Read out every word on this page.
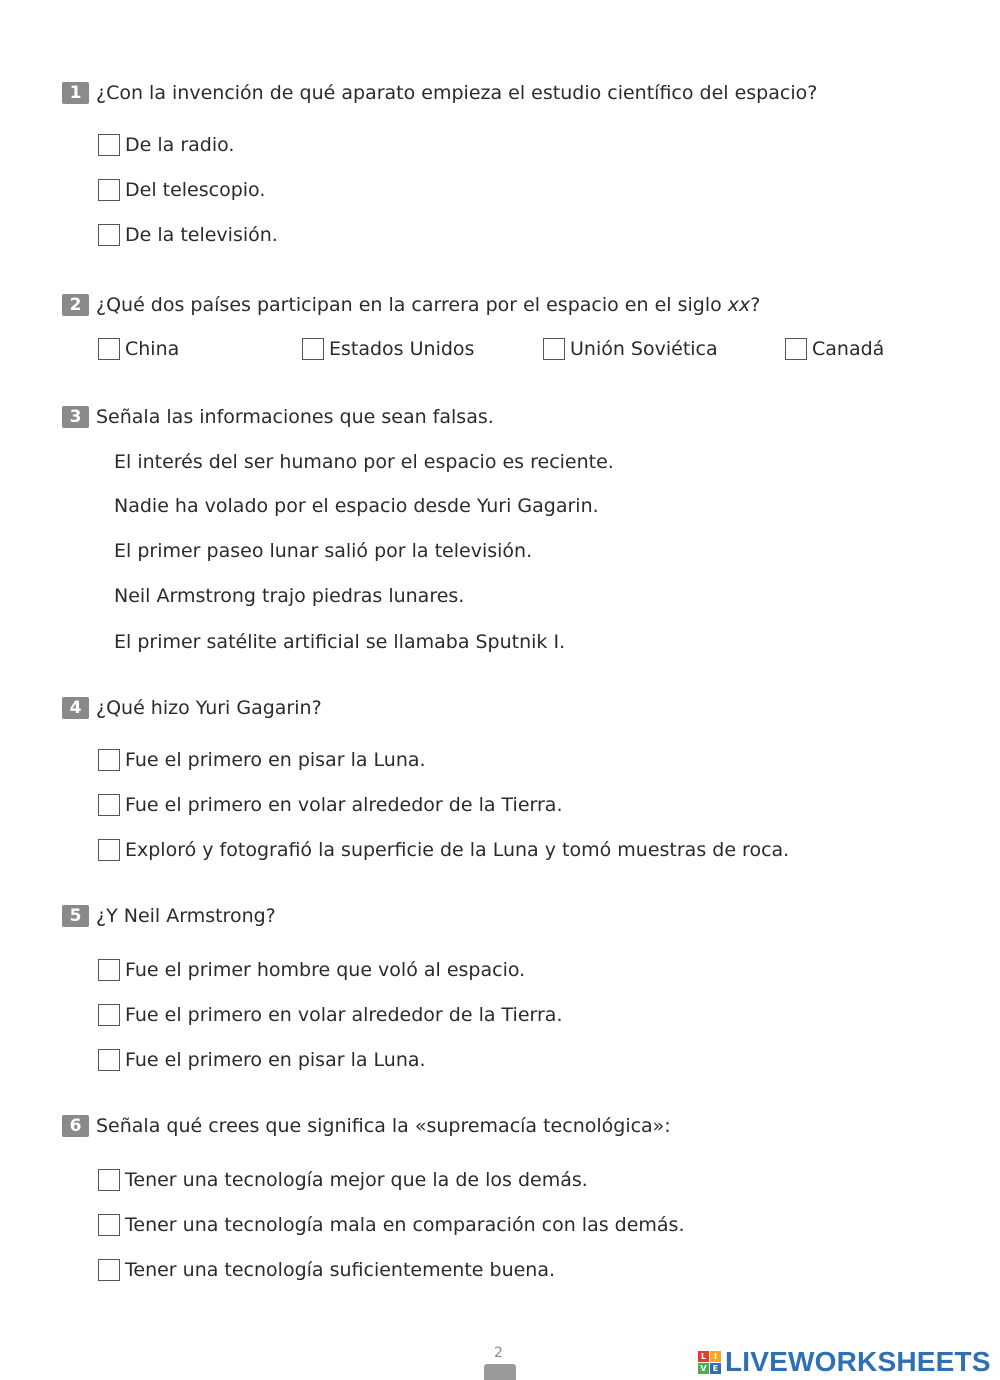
1 ¿Con la invención de qué aparato empieza el estudio científico del espacio?
De la radio.
Del telescopio.
De la televisión.
2 ¿Qué dos países participan en la carrera por el espacio en el siglo xx?
China	Estados Unidos	Unión Soviética	Canadá
3 Señala las informaciones que sean falsas.
El interés del ser humano por el espacio es reciente.
Nadie ha volado por el espacio desde Yuri Gagarin.
El primer paseo lunar salió por la televisión.
Neil Armstrong trajo piedras lunares.
El primer satélite artificial se llamaba Sputnik I.
4 ¿Qué hizo Yuri Gagarin?
Fue el primero en pisar la Luna.
Fue el primero en volar alrededor de la Tierra.
Exploró y fotografió la superficie de la Luna y tomó muestras de roca.
5 ¿Y Neil Armstrong?
Fue el primer hombre que voló al espacio.
Fue el primero en volar alrededor de la Tierra.
Fue el primero en pisar la Luna.
6 Señala qué crees que significa la «supremacía tecnológica»:
Tener una tecnología mejor que la de los demás.
Tener una tecnología mala en comparación con las demás.
Tener una tecnología suficientemente buena.
2	L I
V E LIVEWORKSHEETS
